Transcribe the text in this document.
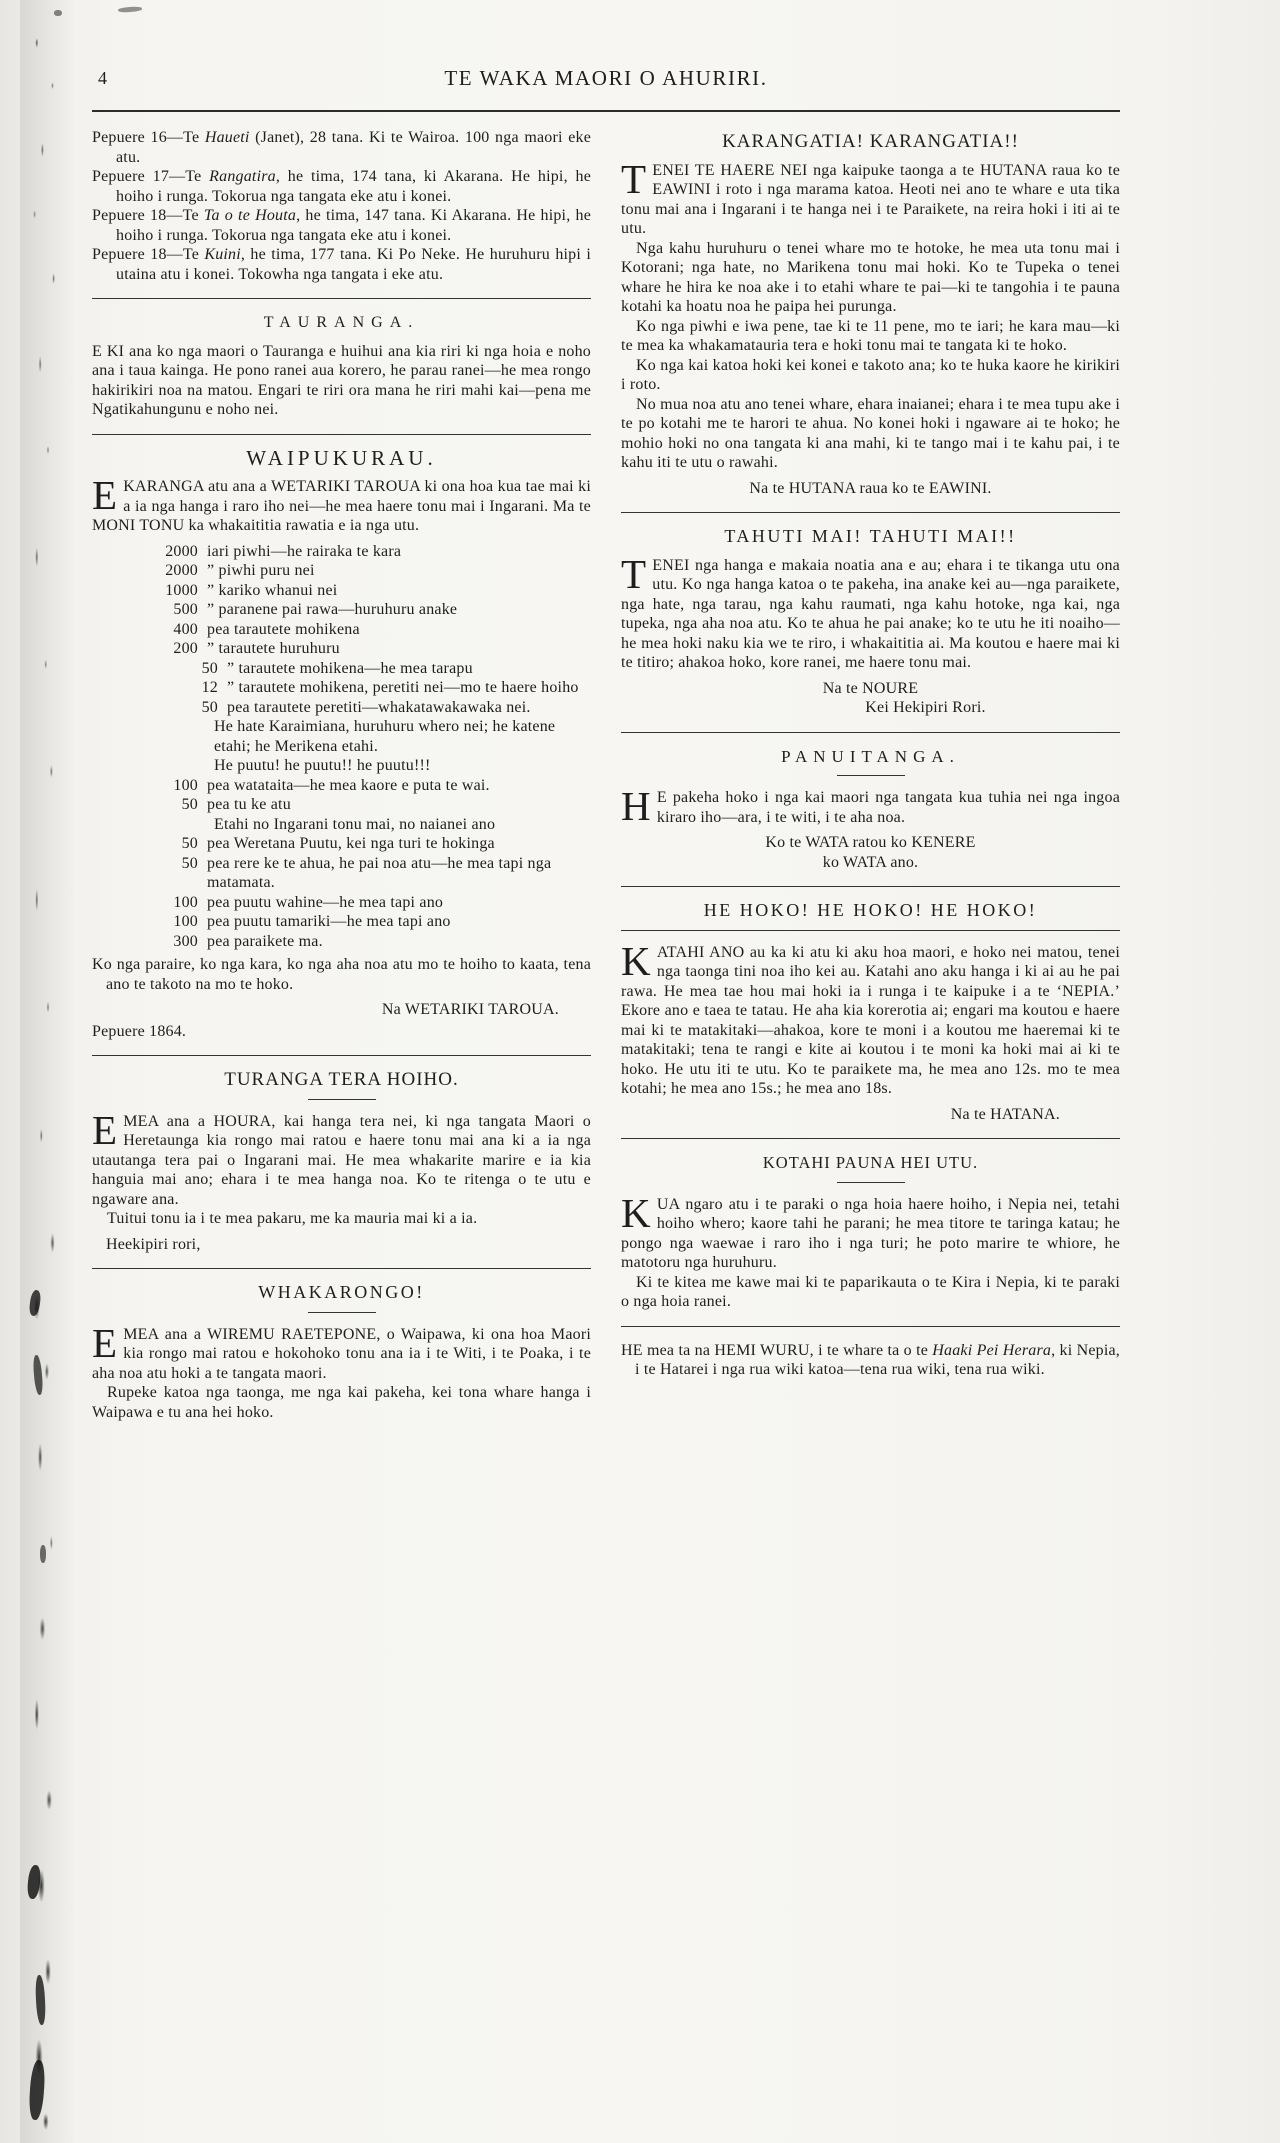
4	TE WAKA MAORI O AHURIRI.

Pepuere 16—Te Haueti (Janet), 28 tana. Ki te Wairoa. 100 nga maori eke atu.

Pepuere 17—Te Rangatira, he tima, 174 tana, ki Akarana. He hipi, he hoiho i runga. Tokorua nga tangata eke atu i konei.

Pepuere 18—Te Ta o te Houta, he tima, 147 tana. Ki Akarana. He hipi, he hoiho i runga. Tokorua nga tangata eke atu i konei.

Pepuere 18—Te Kuini, he tima, 177 tana. Ki Po Neke. He huruhuru hipi i utaina atu i konei. Tokowha nga tangata i eke atu.

TAURANGA.

E KI ana ko nga maori o Tauranga e huihui ana kia riri ki nga hoia e noho ana i taua kainga. He pono ranei aua korero, he parau ranei—he mea rongo hakirikiri noa na matou. Engari te riri ora mana he riri mahi kai—pena me Ngatikahungunu e noho nei.

WAIPUKURAU.

EKARANGA atu ana a WETARIKI TAROUA ki ona hoa kua tae mai ki a ia nga hanga i raro iho nei—he mea haere tonu mai i Ingarani. Ma te MONI TONU ka whakaititia rawatia e ia nga utu.

2000 iari piwhi—he rairaka te kara
2000 ” piwhi puru nei
1000 ” kariko whanui nei
500 ” paranene pai rawa—huruhuru anake
400 pea tarautete mohikena
200 ” tarautete huruhuru
50 ” tarautete mohikena—he mea tarapu
12 ” tarautete mohikena, peretiti nei—mo te haere hoiho
50 pea tarautete peretiti—whakatawakawaka nei.
He hate Karaimiana, huruhuru whero nei; he katene etahi; he Merikena etahi.
He puutu! he puutu!! he puutu!!!
100 pea watataita—he mea kaore e puta te wai.
50 pea tu ke atu
Etahi no Ingarani tonu mai, no naianei ano
50 pea Weretana Puutu, kei nga turi te hokinga
50 pea rere ke te ahua, he pai noa atu—he mea tapi nga matamata.
100 pea puutu wahine—he mea tapi ano
100 pea puutu tamariki—he mea tapi ano
300 pea paraikete ma.

Ko nga paraire, ko nga kara, ko nga aha noa atu mo te hoiho to kaata, tena ano te takoto na mo te hoko.

Na WETARIKI TAROUA.

Pepuere 1864.

TURANGA TERA HOIHO.

EMEA ana a HOURA, kai hanga tera nei, ki nga tangata Maori o Heretaunga kia rongo mai ratou e haere tonu mai ana ki a ia nga utautanga tera pai o Ingarani mai. He mea whakarite marire e ia kia hanguia mai ano; ehara i te mea hanga noa. Ko te ritenga o te utu e ngaware ana.

Tuitui tonu ia i te mea pakaru, me ka mauria mai ki a ia.

Heekipiri rori,

WHAKARONGO!

EMEA ana a WIREMU RAETEPONE, o Waipawa, ki ona hoa Maori kia rongo mai ratou e hokohoko tonu ana ia i te Witi, i te Poaka, i te aha noa atu hoki a te tangata maori.

Rupeke katoa nga taonga, me nga kai pakeha, kei tona whare hanga i Waipawa e tu ana hei hoko.

KARANGATIA! KARANGATIA!!

TENEI TE HAERE NEI nga kaipuke taonga a te HUTANA raua ko te EAWINI i roto i nga marama katoa. Heoti nei ano te whare e uta tika tonu mai ana i Ingarani i te hanga nei i te Paraikete, na reira hoki i iti ai te utu.

Nga kahu huruhuru o tenei whare mo te hotoke, he mea uta tonu mai i Kotorani; nga hate, no Marikena tonu mai hoki. Ko te Tupeka o tenei whare he hira ke noa ake i to etahi whare te pai—ki te tangohia i te pauna kotahi ka hoatu noa he paipa hei purunga.

Ko nga piwhi e iwa pene, tae ki te 11 pene, mo te iari; he kara mau—ki te mea ka whakamatauria tera e hoki tonu mai te tangata ki te hoko.

Ko nga kai katoa hoki kei konei e takoto ana; ko te huka kaore he kirikiri i roto.

No mua noa atu ano tenei whare, ehara inaianei; ehara i te mea tupu ake i te po kotahi me te harori te ahua. No konei hoki i ngaware ai te hoko; he mohio hoki no ona tangata ki ana mahi, ki te tango mai i te kahu pai, i te kahu iti te utu o rawahi.

Na te HUTANA raua ko te EAWINI.

TAHUTI MAI! TAHUTI MAI!!

TENEI nga hanga e makaia noatia ana e au; ehara i te tikanga utu ona utu. Ko nga hanga katoa o te pakeha, ina anake kei au—nga paraikete, nga hate, nga tarau, nga kahu raumati, nga kahu hotoke, nga kai, nga tupeka, nga aha noa atu. Ko te ahua he pai anake; ko te utu he iti noaiho—he mea hoki naku kia we te riro, i whakaititia ai. Ma koutou e haere mai ki te titiro; ahakoa hoko, kore ranei, me haere tonu mai.

Na te NOURE

Kei Hekipiri Rori.

PANUITANGA.

H E pakeha hoko i nga kai maori nga tangata kua tuhia nei nga ingoa kiraro iho—ara, i te witi, i te aha noa.

Ko te WATA ratou ko KENERE

ko WATA ano.

HE HOKO! HE HOKO! HE HOKO!

KATAHI ANO au ka ki atu ki aku hoa maori, e hoko nei matou, tenei nga taonga tini noa iho kei au. Katahi ano aku hanga i ki ai au he pai rawa. He mea tae hou mai hoki ia i runga i te kaipuke i a te ‘NEPIA.’ Ekore ano e taea te tatau. He aha kia korerotia ai; engari ma koutou e haere mai ki te matakitaki—ahakoa, kore te moni i a koutou me haeremai ki te matakitaki; tena te rangi e kite ai koutou i te moni ka hoki mai ai ki te hoko. He utu iti te utu. Ko te paraikete ma, he mea ano 12s. mo te mea kotahi; he mea ano 15s.; he mea ano 18s.

Na te HATANA.

KOTAHI PAUNA HEI UTU.

KUA ngaro atu i te paraki o nga hoia haere hoiho, i Nepia nei, tetahi hoiho whero; kaore tahi he parani; he mea titore te taringa katau; he pongo nga waewae i raro iho i nga turi; he poto marire te whiore, he matotoru nga huruhuru.

Ki te kitea me kawe mai ki te paparikauta o te Kira i Nepia, ki te paraki o nga hoia ranei.

HE mea ta na HEMI WURU, i te whare ta o te Haaki Pei Herara, ki Nepia, i te Hatarei i nga rua wiki katoa—tena rua wiki, tena rua wiki.
